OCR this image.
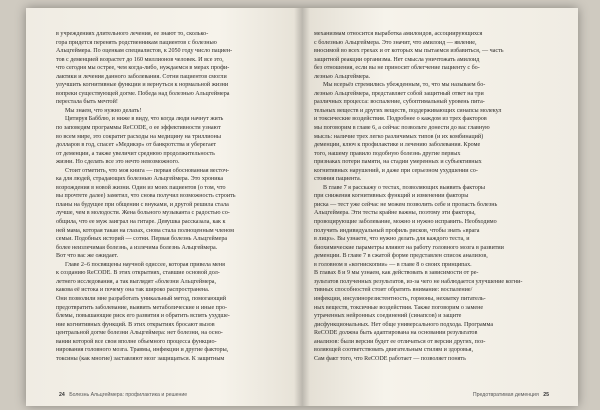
в учреждениях длительного лечения, ее знают то, сколько-
гора придется перенять родственникам пациентов с болезнью
Альцгеймера. По оценкам специалистов, к 2050 году число пациен-
тов с деменцией возрастет до 160 миллионов человек. И все это,
что сегодня мы острее, чем когда-либо, нуждаемся в мерах профи-
лактики и лечения данного заболевания. Сотни пациентов смогли
улучшить когнитивные функции и вернуться к нормальной жизни
вопреки существующей догме. Победа над болезнью Альцгеймера
перестала быть мечтой!
Мы знаем, что нужно делать!
Цитируя Бабблю, и ниже в виду, что когда люди начнут жить
по заповедям программы ReCODE, о ее эффективности узнают
во всем мире, это сократит расходы на медицину на триллионы
долларов в год, спасет «Медикэр» от банкротства и уберегает
от деменции, а также увеличит среднюю продолжительность
жизни. Но сделать все это нечто невозможного.
Стоит отметить, что моя книга — первая обоснованная весточ-
ка для людей, страдающих болезнью Альцгеймера. Это хроника
возрождения в новой жизни. Один из моих пациентов (о том, что
вы прочтете далее) заметил, что снова получил возможность строить
планы на будущее при общении с внуками, и другой решила стала
лучше, чем в молодости. Жена больного музыканта с радостью со-
общила, что ее муж заиграл на гитаре. Девушка рассказала, как к
ней мама, которая такая на глазах, снова стала полноценным членом
семьи. Подобных историй — сотни. Первая болезнь Альцгеймера
более неизлечимая болезнь, а излечима болезнь Альцгеймера.
Вот что вас же ожидает.
Главе 2–6 посвящены научной одиссее, которая привела меня
к созданию ReCODE. В этих открытиях, ставшие основой дол-
летнего исследования, а так выглядят «болезни Альцгеймера,
какова её истока и почему она так широко распространена.
Они позволили мне разработать уникальный метод, помогающий
предотвратить заболевание, выявить метаболические и иные про-
блемы, повышающие риск его развития и обратить вспять ухудше-
ние когнитивных функций. В этих открытиях бросают вызов
центральной догме болезни Альцгеймера: нет болезни, на осно-
вании которой все свои вполне объемного процесса функцио-
нирования головного мозга. Травмы, инфекции и другие факторы,
токсины (как многие) заставляют мозг защищаться. К защитным
24 Болезнь Альцгеймера: профилактика и решение
механизмам относится выработка амилоидов, ассоциирующихся
с болезнью Альцгеймера. Это значит, что амилоид — явление,
вносимой во всех грехах и от которых мы пытаемся избавиться, — часть
защитной реакции организма. Нет смысла уничтожать амилоид
без отношения, если вы не приносит облегчение пациенту с бо-
лезнью Альцгеймера.
Мы всерьёз стремились убежденным, то, что мы называем бо-
лезнью Альцгеймера, представляет собой защитный ответ на три
различных процесса: воспаление, субоптимальный уровень пита-
тельных веществ и других веществ, поддерживающих синапсы молекул
и токсические воздействия. Подробнее о каждом из трех факторов
мы поговорим в главе 6, а сейчас позвольте донести до вас главную
мысль: наличие трех легко различимых типов (и их комбинаций)
деменции, ключ к профилактике и лечению заболевания. Кроме
того, нашему правило подобную болезнь другие первых
признаках потери памяти, на стадии умеренных и субъективных
когнитивных нарушений, и даже при серьезном ухудшении со-
стояния пациента.
В главе 7 я расскажу о тестах, позволяющих выявить факторы
при снижения когнитивных функций и изменении факторы
риска — тест уже сейчас не можем позволить себе и пропасть болезнь
Альцгеймера. Эти тесты крайне важны, поэтому эти факторы,
провоцирующие заболевание, можно и нужно исправить. Необходимо
получить индивидуальный профиль рисков, чтобы знать «врага
в лицо». Вы узнаете, что нужно делать для каждого теста, и
биохимические параметры влияют на работу головного мозга в развитии
деменции. В главе 7 в сжатой форме представлен список анализов,
в головном в «когнископии» — в главе 8 о своих принципах.
В главах 8 и 9 мы узнаем, как действовать в зависимости от ре-
зультатов полученных результатов, из-за чего не наблюдается улучшение когни-
тивных способностей стоит обратить внимание: воспаление/
инфекции, инсулинорезистентность, гормоны, нехватку питатель-
ных веществ, токсичные воздействия. Также поговорим о замене
утраченных нейронных соединений (синапсов) и защите
дисфункциональных. Нет обще универсального подхода. Программа
ReCODE должна быть адаптирована на основании результатов
анализов: были версии будет ее отличаться от версии других, поз-
воляющей соответствовать двигательным стилям и здоровья,
Сам факт того, что ReCODE работает — позволяет понять
Предотвратимая деменция 25
